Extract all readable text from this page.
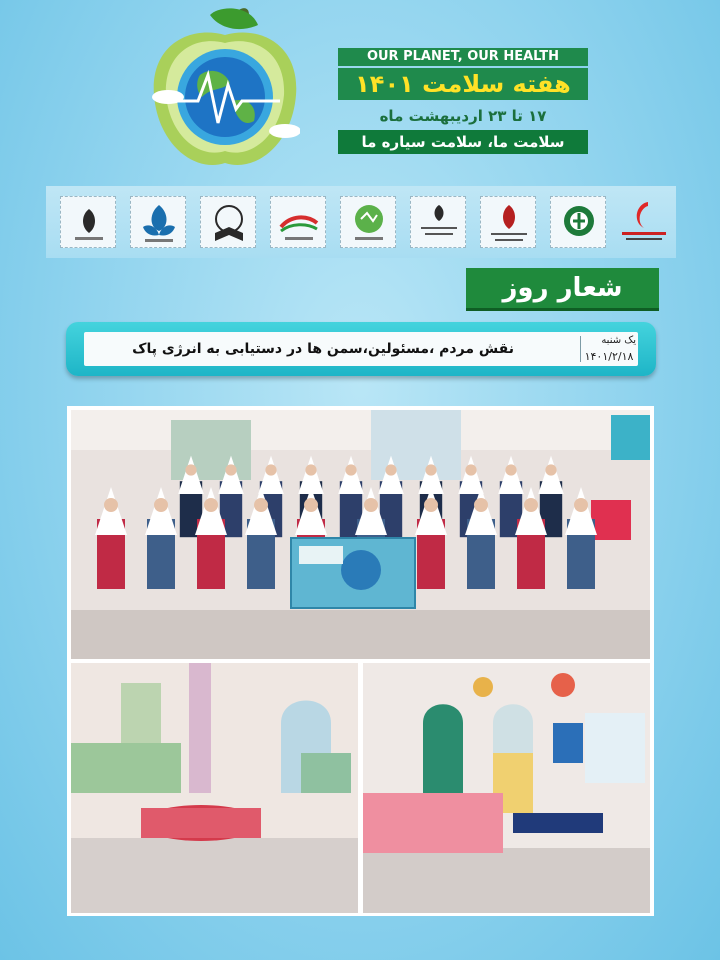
OUR PLANET, OUR HEALTH
هفته سلامت ۱۴۰۱
۱۷ تا ۲۳ اردیبهشت ماه
سلامت ما، سلامت سیاره ما
شعار روز
نقش مردم ،مسئولین،سمن ها در دستیابی به انرژی پاک
یک شنبه
۱۴۰۱/۲/۱۸
